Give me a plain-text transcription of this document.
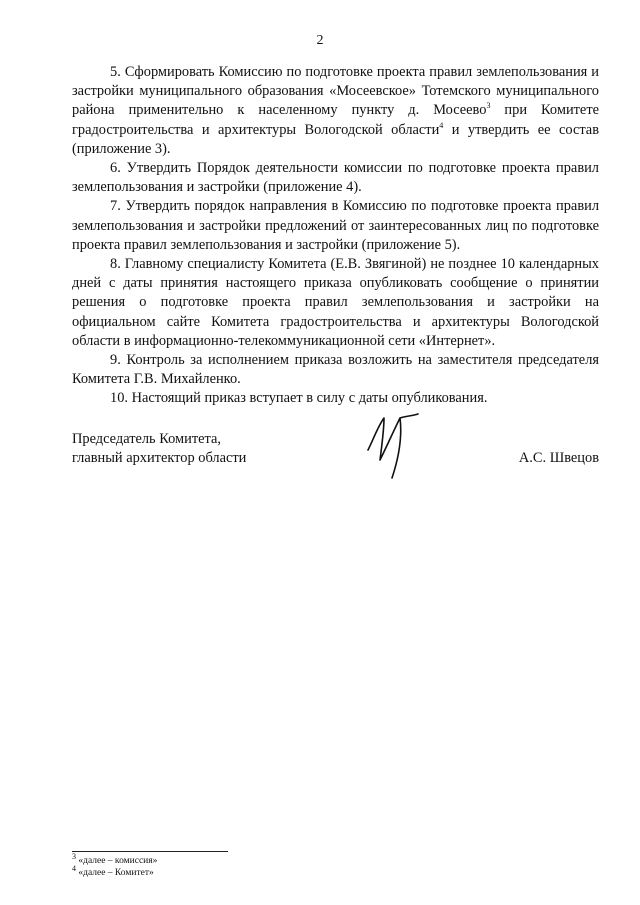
2

5. Сформировать Комиссию по подготовке проекта правил землепользования и застройки муниципального образования «Мосеевское» Тотемского муниципального района применительно к населенному пункту д. Мосеево$^3$ при Комитете градостроительства и архитектуры Вологодской области$^4$ и утвердить ее состав (приложение 3).

6. Утвердить Порядок деятельности комиссии по подготовке проекта правил землепользования и застройки (приложение 4).

7. Утвердить порядок направления в Комиссию по подготовке проекта правил землепользования и застройки предложений от заинтересованных лиц по подготовке проекта правил землепользования и застройки (приложение 5).

8. Главному специалисту Комитета (Е.В. Звягиной) не позднее 10 календарных дней с даты принятия настоящего приказа опубликовать сообщение о принятии решения о подготовке проекта правил землепользования и застройки на официальном сайте Комитета градостроительства и архитектуры Вологодской области в информационно-телекоммуникационной сети «Интернет».

9. Контроль за исполнением приказа возложить на заместителя председателя Комитета Г.В. Михайленко.

10. Настоящий приказ вступает в силу с даты опубликования.

Председатель Комитета,
главный архитектор области	А.С. Швецов
$^3$ «далее – комиссия»
$^4$ «далее – Комитет»
